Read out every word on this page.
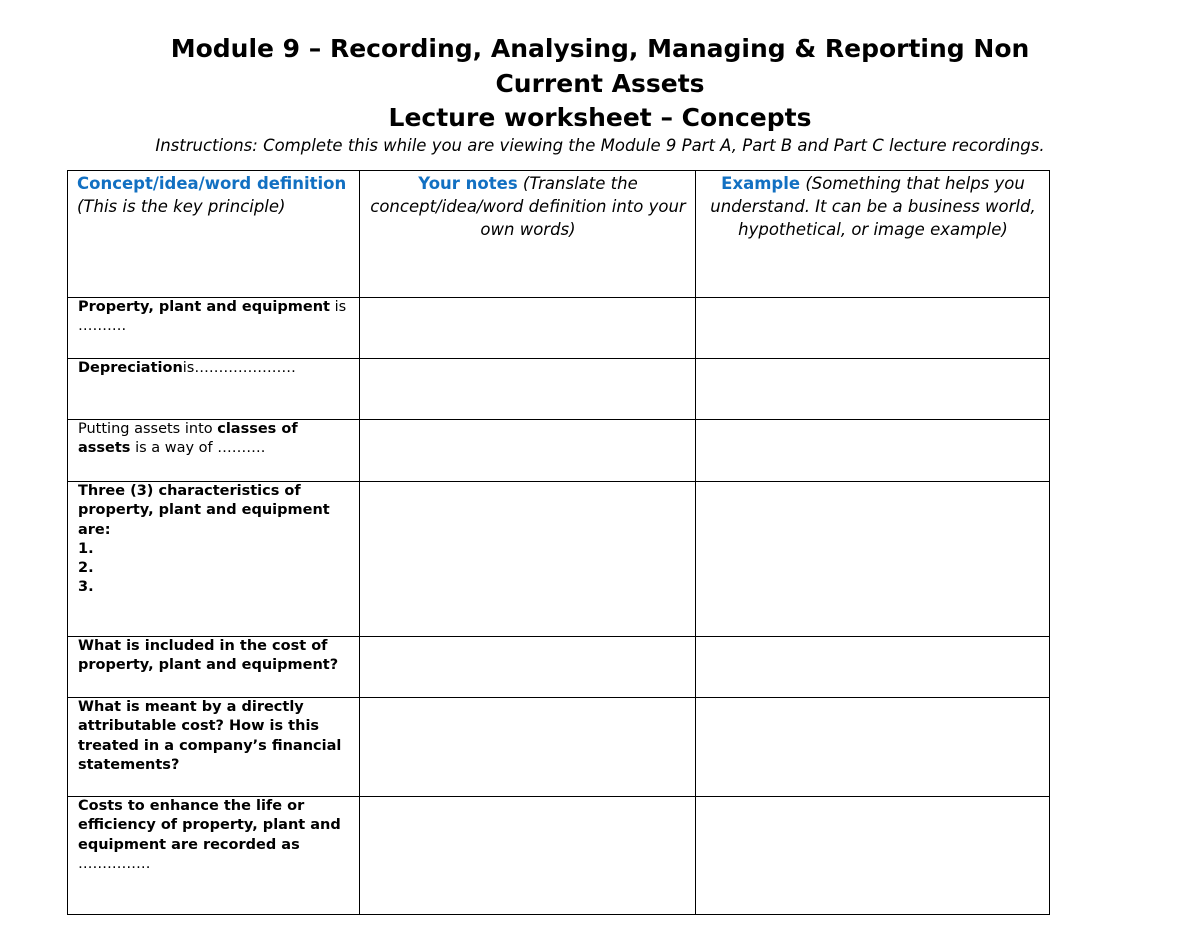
Module 9 – Recording, Analysing, Managing & Reporting Non
Current Assets
Lecture worksheet – Concepts

Instructions: Complete this while you are viewing the Module 9 Part A, Part B and Part C lecture recordings.

Concept/idea/word definition (This is the key principle)	Your notes (Translate the concept/idea/word definition into your own words)	Example (Something that helps you understand. It can be a business world, hypothetical, or image example)
Property, plant and equipment is ……….		
Depreciationis…………………		
Putting assets into classes of assets is a way of ……….		

Three (3) characteristics of property, plant and equipment are:
1.
2.
3.		

What is included in the cost of property, plant and equipment?		

What is meant by a directly attributable cost? How is this treated in a company’s financial statements?		

Costs to enhance the life or efficiency of property, plant and equipment are recorded as
……………		
